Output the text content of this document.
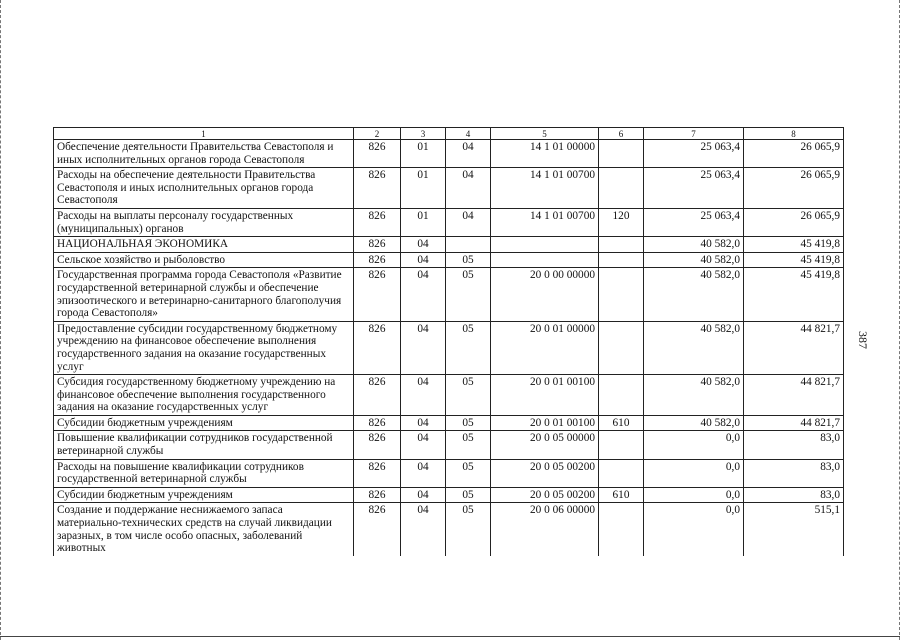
387
1	2	3	4	5	6	7	8
Обеспечение деятельности Правительства Севастополя и иных исполнительных органов города Севастополя	826	01	04	14 1 01 00000		25 063,4	26 065,9
Расходы на обеспечение деятельности Правительства Севастополя и иных исполнительных органов города Севастополя	826	01	04	14 1 01 00700		25 063,4	26 065,9
Расходы на выплаты персоналу государственных (муниципальных) органов	826	01	04	14 1 01 00700	120	25 063,4	26 065,9
НАЦИОНАЛЬНАЯ ЭКОНОМИКА	826	04				40 582,0	45 419,8
Сельское хозяйство и рыболовство	826	04	05			40 582,0	45 419,8
Государственная программа города Севастополя «Развитие государственной ветеринарной службы и обеспечение эпизоотического и ветеринарно-санитарного благополучия города Севастополя»	826	04	05	20 0 00 00000		40 582,0	45 419,8
Предоставление субсидии государственному бюджетному учреждению на финансовое обеспечение выполнения государственного задания на оказание государственных услуг	826	04	05	20 0 01 00000		40 582,0	44 821,7
Субсидия государственному бюджетному учреждению на финансовое обеспечение выполнения государственного задания на оказание государственных услуг	826	04	05	20 0 01 00100		40 582,0	44 821,7
Субсидии бюджетным учреждениям	826	04	05	20 0 01 00100	610	40 582,0	44 821,7
Повышение квалификации сотрудников государственной ветеринарной службы	826	04	05	20 0 05 00000		0,0	83,0
Расходы на повышение квалификации сотрудников государственной ветеринарной службы	826	04	05	20 0 05 00200		0,0	83,0
Субсидии бюджетным учреждениям	826	04	05	20 0 05 00200	610	0,0	83,0
Создание и поддержание неснижаемого запаса материально-технических средств на случай ликвидации заразных, в том числе особо опасных, заболеваний животных	826	04	05	20 0 06 00000		0,0	515,1
